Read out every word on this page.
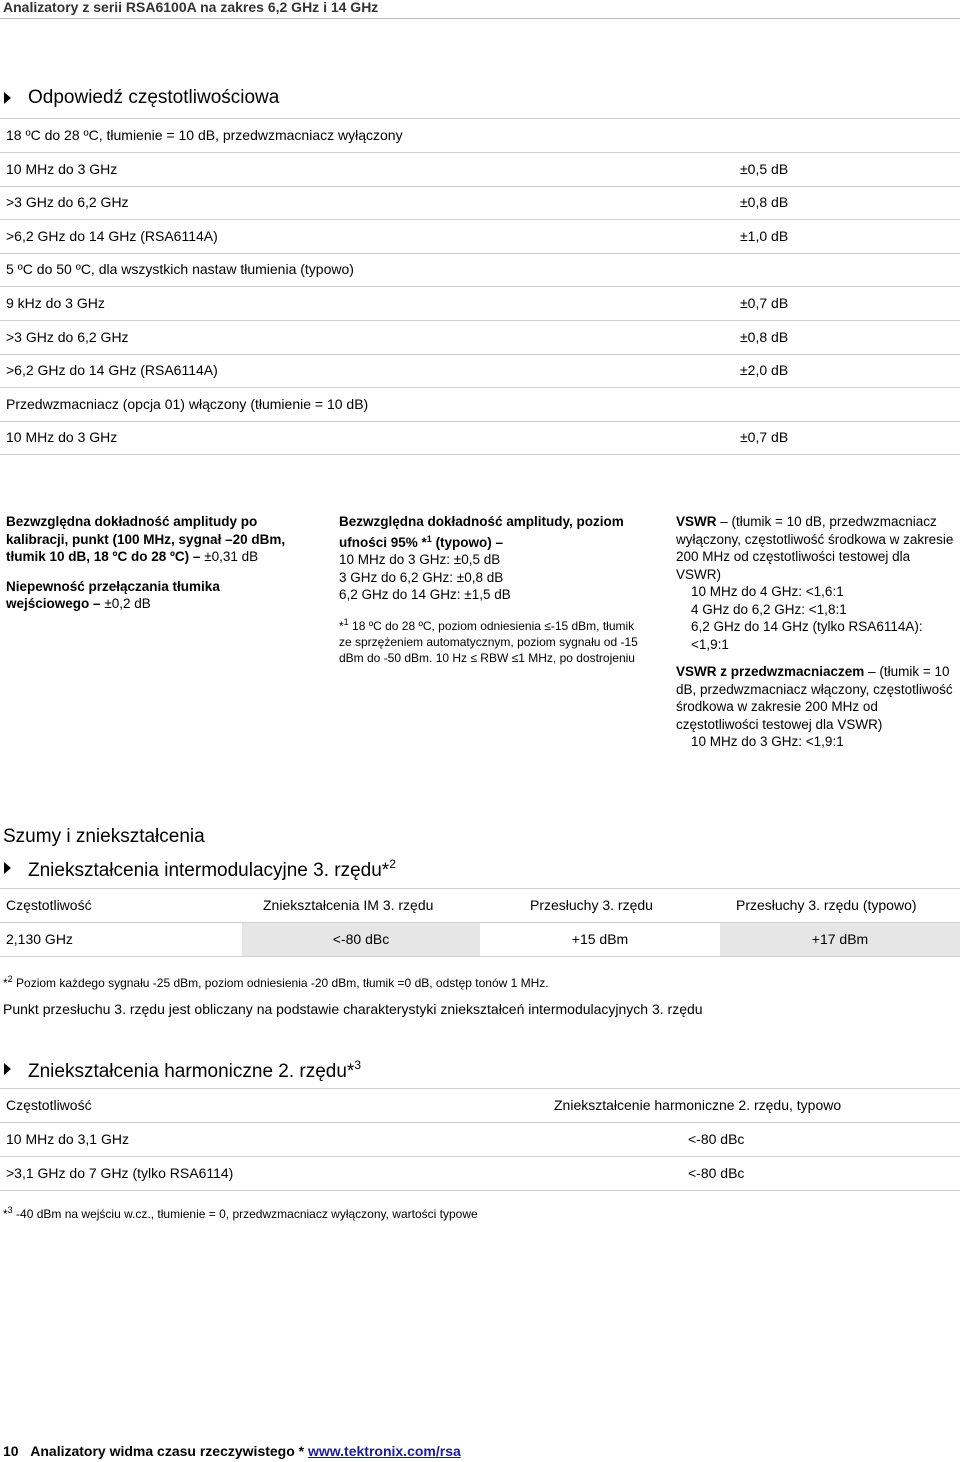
Analizatory z serii RSA6100A na zakres 6,2 GHz i 14 GHz
Odpowiedź częstotliwościowa
18 ºC do 28 ºC, tłumienie = 10 dB, przedwzmacniacz wyłączony
10 MHz do 3 GHz	±0,5 dB
>3 GHz do 6,2 GHz	±0,8 dB
>6,2 GHz do 14 GHz (RSA6114A)	±1,0 dB
5 ºC do 50 ºC, dla wszystkich nastaw tłumienia (typowo)
9 kHz do 3 GHz	±0,7 dB
>3 GHz do 6,2 GHz	±0,8 dB
>6,2 GHz do 14 GHz (RSA6114A)	±2,0 dB
Przedwzmacniacz (opcja 01) włączony (tłumienie = 10 dB)
10 MHz do 3 GHz	±0,7 dB
Bezwzględna dokładność amplitudy po kalibracji, punkt (100 MHz, sygnał –20 dBm, tłumik 10 dB, 18 ºC do 28 ºC) – ±0,31 dB
Niepewność przełączania tłumika wejściowego – ±0,2 dB
Bezwzględna dokładność amplitudy, poziom ufności 95% *$^1$ (typowo) –
10 MHz do 3 GHz: ±0,5 dB
3 GHz do 6,2 GHz: ±0,8 dB
6,2 GHz do 14 GHz: ±1,5 dB
*$^1$ 18 ºC do 28 ºC, poziom odniesienia ≤-15 dBm, tłumik ze sprzężeniem automatycznym, poziom sygnału od -15 dBm do -50 dBm. 10 Hz ≤ RBW ≤1 MHz, po dostrojeniu
VSWR – (tłumik = 10 dB, przedwzmacniacz wyłączony, częstotliwość środkowa w zakresie 200 MHz od częstotliwości testowej dla VSWR)
10 MHz do 4 GHz: <1,6:1
4 GHz do 6,2 GHz: <1,8:1
6,2 GHz do 14 GHz (tylko RSA6114A): <1,9:1
VSWR z przedwzmacniaczem – (tłumik = 10 dB, przedwzmacniacz włączony, częstotliwość środkowa w zakresie 200 MHz od częstotliwości testowej dla VSWR)
10 MHz do 3 GHz: <1,9:1
Szumy i zniekształcenia
Zniekształcenia intermodulacyjne 3. rzędu*$^2$
Częstotliwość	Zniekształcenia IM 3. rzędu	Przesłuchy 3. rzędu	Przesłuchy 3. rzędu (typowo)
2,130 GHz	<-80 dBc	+15 dBm	+17 dBm
*$^2$ Poziom każdego sygnału -25 dBm, poziom odniesienia -20 dBm, tłumik =0 dB, odstęp tonów 1 MHz.
Punkt przesłuchu 3. rzędu jest obliczany na podstawie charakterystyki zniekształceń intermodulacyjnych 3. rzędu
Zniekształcenia harmoniczne 2. rzędu*$^3$
Częstotliwość	Zniekształcenie harmoniczne 2. rzędu, typowo
10 MHz do 3,1 GHz	<-80 dBc
>3,1 GHz do 7 GHz (tylko RSA6114)	<-80 dBc
*$^3$ -40 dBm na wejściu w.cz., tłumienie = 0, przedwzmacniacz wyłączony, wartości typowe
10 Analizatory widma czasu rzeczywistego * www.tektronix.com/rsa
